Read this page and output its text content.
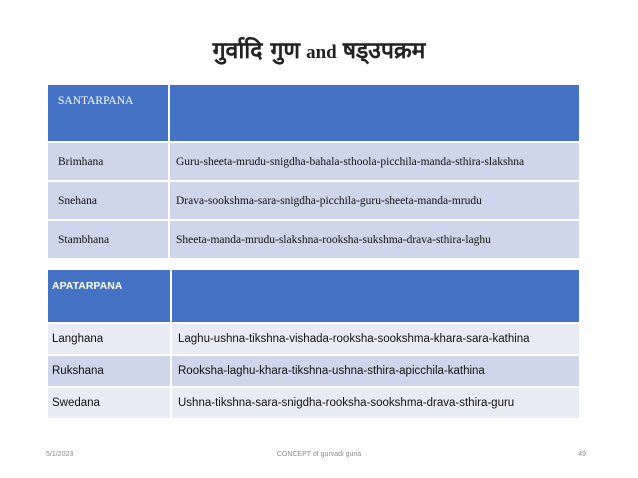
गुर्वादि गुण and षड्उपक्रम
SANTARPANA	
Brimhana	Guru-sheeta-mrudu-snigdha-bahala-sthoola-picchila-manda-sthira-slakshna
Snehana	Drava-sookshma-sara-snigdha-picchila-guru-sheeta-manda-mrudu
Stambhana	Sheeta-manda-mrudu-slakshna-rooksha-sukshma-drava-sthira-laghu
APATARPANA	
Langhana	Laghu-ushna-tikshna-vishada-rooksha-sookshma-khara-sara-kathina
Rukshana	Rooksha-laghu-khara-tikshna-ushna-sthira-apicchila-kathina
Swedana	Ushna-tikshna-sara-snigdha-rooksha-sookshma-drava-sthira-guru
5/1/2023	CONCEPT of gurvadi guna	49
